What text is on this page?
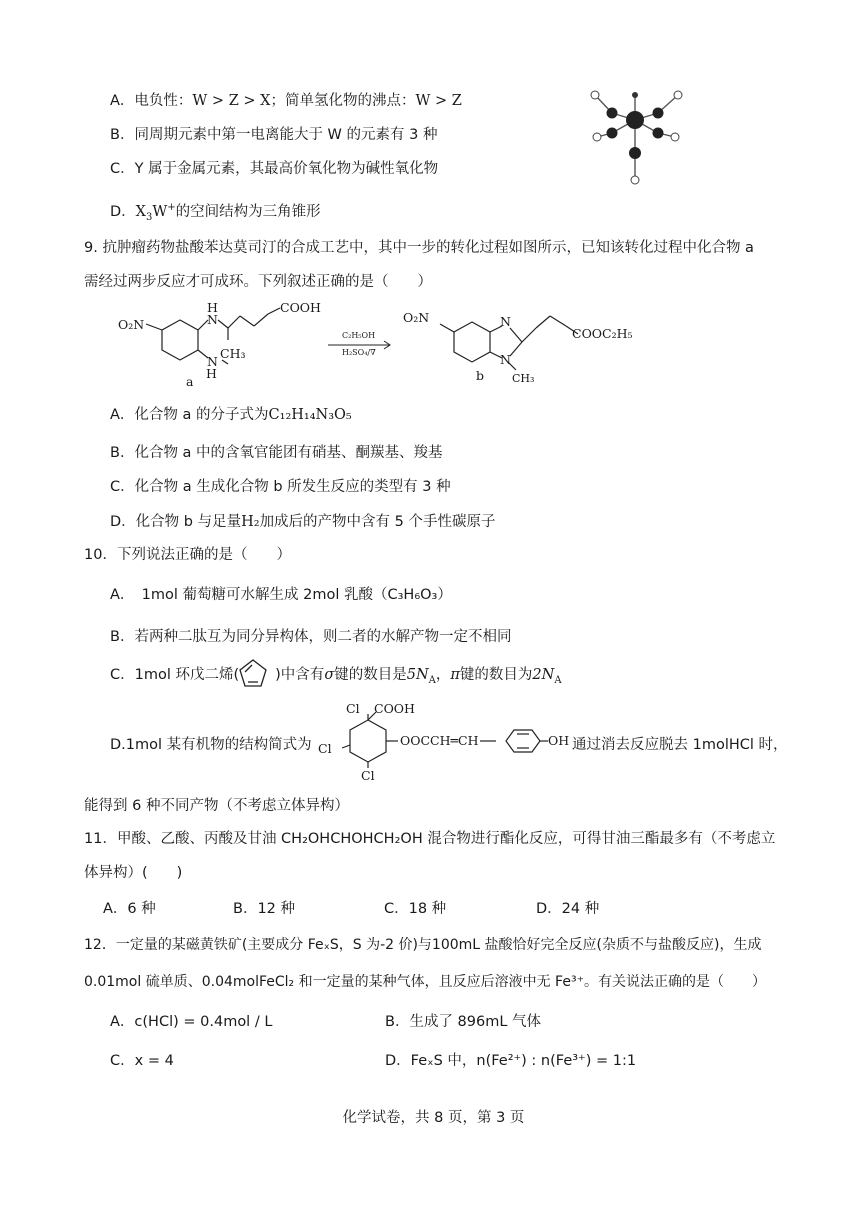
A．电负性：W > Z > X；简单氢化物的沸点：W > Z
B．同周期元素中第一电离能大于 W 的元素有 3 种
C．Y 属于金属元素，其最高价氧化物为碱性氧化物
D．$X_3W^+$的空间结构为三角锥形
9. 抗肿瘤药物盐酸苯达莫司汀的合成工艺中，其中一步的转化过程如图所示，已知该转化过程中化合物 a
需经过两步反应才可成环。下列叙述正确的是（　　）
O₂N	N
H	COOH
N
CH₃
H
a
C₂H₅OH
H₂SO₄/∇
O₂N	N
N
COOC₂H₅
CH₃
b
A．化合物 a 的分子式为C₁₂H₁₄N₃O₅
B．化合物 a 中的含氧官能团有硝基、酮羰基、羧基
C．化合物 a 生成化合物 b 所发生反应的类型有 3 种
D．化合物 b 与足量H₂加成后的产物中含有 5 个手性碳原子
10．下列说法正确的是（　　）
A．　1mol 葡萄糖可水解生成 2mol 乳酸（C₃H₆O₃）
B．若两种二肽互为同分异构体，则二者的水解产物一定不相同
C．1mol 环戊二烯( )中含有σ键的数目是$5N_A$，π键的数目为$2N_A$
D.1mol 某有机物的结构简式为
Cl COOH
Cl
OOCCH═CH	OH
Cl
通过消去反应脱去 1molHCl 时，
能得到 6 种不同产物（不考虑立体异构）
11．甲酸、乙酸、丙酸及甘油 CH₂OHCHOHCH₂OH 混合物进行酯化反应，可得甘油三酯最多有（不考虑立
体异构）(　　)
A．6 种	B．12 种	C．18 种	D．24 种
12．一定量的某磁黄铁矿(主要成分 FeₓS，S 为-2 价)与100mL 盐酸恰好完全反应(杂质不与盐酸反应)，生成
0.01mol 硫单质、0.04molFeCl₂ 和一定量的某种气体，且反应后溶液中无 Fe³⁺。有关说法正确的是（　　）
A．c(HCl) = 0.4mol / L	B．生成了 896mL 气体
C．x = 4	D．FeₓS 中，n(Fe²⁺) : n(Fe³⁺) = 1:1
化学试卷，共 8 页，第 3 页
